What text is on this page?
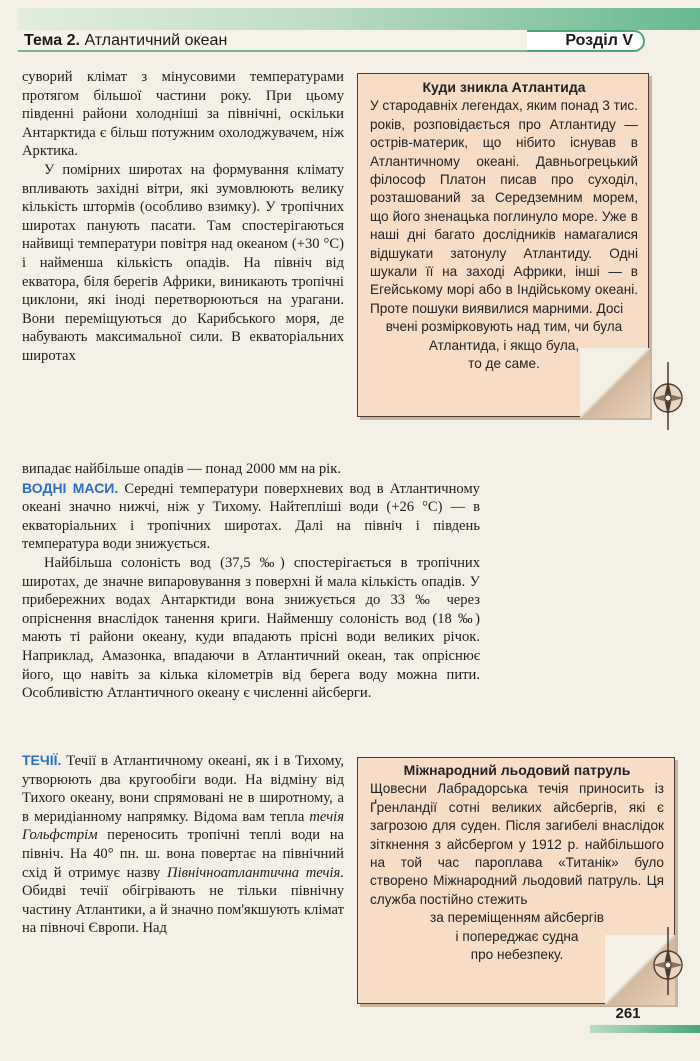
Тема 2. Атлантичний океан	Розділ V

суворий клімат з мінусовими температурами протягом більшої частини року. При цьому південні райони холодніші за північні, оскільки Антарктида є більш потужним охолоджувачем, ніж Арктика.

У помірних широтах на формування клімату впливають західні вітри, які зумовлюють велику кількість штормів (особливо взимку). У тропічних широтах панують пасати. Там спостерігаються найвищі температури повітря над океаном (+30 °C) і найменша кількість опадів. На північ від екватора, біля берегів Африки, виникають тропічні циклони, які іноді перетворюються на урагани. Вони переміщуються до Карибського моря, де набувають максимальної сили. В екваторіальних широтах

випадає найбільше опадів — понад 2000 мм на рік.

ВОДНІ МАСИ. Середні температури поверхневих вод в Атлантичному океані значно нижчі, ніж у Тихому. Найтепліші води (+26 °C) — в екваторіальних і тропічних широтах. Далі на північ і південь температура води знижується.

Найбільша солоність вод (37,5 ‰) спостерігається в тропічних широтах, де значне випаровування з поверхні й мала кількість опадів. У прибережних водах Антарктиди вона знижується до 33 ‰ через опріснення внаслідок танення криги. Найменшу солоність вод (18 ‰) мають ті райони океану, куди впадають прісні води великих річок. Наприклад, Амазонка, впадаючи в Атлантичний океан, так опріснює його, що навіть за кілька кілометрів від берега воду можна пити. Особливістю Атлантичного океану є численні айсберги.

ТЕЧІЇ. Течії в Атлантичному океані, як і в Тихому, утворюють два кругообіги води. На відміну від Тихого океану, вони спрямовані не в широтному, а в меридіанному напрямку. Відома вам тепла течія Гольфстрім переносить тропічні теплі води на північ. На 40° пн. ш. вона повертає на північний схід й отримує назву Північноатлантична течія. Обидві течії обігрівають не тільки північну частину Атлантики, а й значно пом'якшують клімат на півночі Європи. Над

Куди зникла Атлантида

У стародавніх легендах, яким понад 3 тис. років, розповідається про Атлантиду — острів-материк, що нібито існував в Атлантичному океані. Давньогрецький філософ Платон писав про суходіл, розташований за Середземним морем, що його зненацька поглинуло море. Уже в наші дні багато дослідників намагалися відшукати затонулу Атлантиду. Одні шукали її на заході Африки, інші — в Егейському морі або в Індійському океані. Проте пошуки виявилися марними. Досі

вчені розмірковують над тим, чи була
Атлантида, і якщо була,
то де саме.
Міжнародний льодовий патруль

Щовесни Лабрадорська течія приносить із Ґренландії сотні великих айсбергів, які є загрозою для суден. Після загибелі внаслідок зіткнення з айсбергом у 1912 р. найбільшого на той час пароплава «Титанік» було створено Міжнародний льодовий патруль. Ця служба постійно стежить

за переміщенням айсбергів
і попереджає судна
про небезпеку.
261
